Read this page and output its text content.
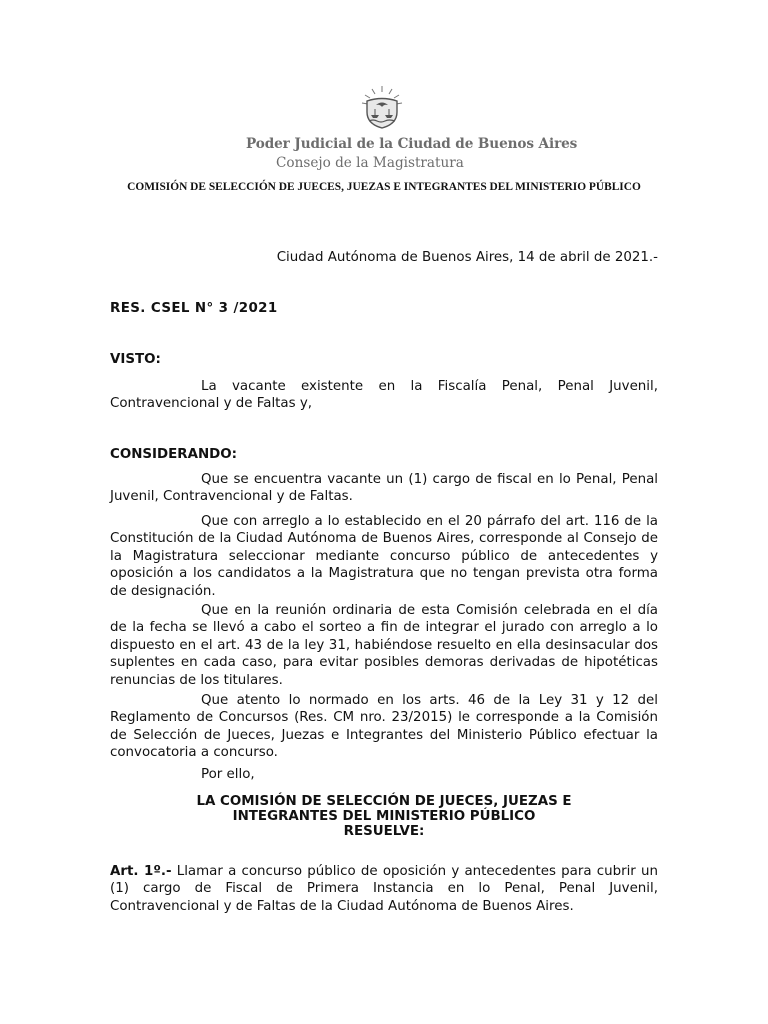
Poder Judicial de la Ciudad de Buenos Aires
Consejo de la Magistratura
COMISIÓN DE SELECCIÓN DE JUECES, JUEZAS E INTEGRANTES DEL MINISTERIO PÚBLICO
Ciudad Autónoma de Buenos Aires, 14 de abril de 2021.-
RES. CSEL N° 3 /2021
VISTO:

La vacante existente en la Fiscalía Penal, Penal Juvenil, Contravencional y de Faltas y,

CONSIDERANDO:

Que se encuentra vacante un (1) cargo de fiscal en lo Penal, Penal Juvenil, Contravencional y de Faltas.

Que con arreglo a lo establecido en el 20 párrafo del art. 116 de la Constitución de la Ciudad Autónoma de Buenos Aires, corresponde al Consejo de la Magistratura seleccionar mediante concurso público de antecedentes y oposición a los candidatos a la Magistratura que no tengan prevista otra forma de designación.

Que en la reunión ordinaria de esta Comisión celebrada en el día de la fecha se llevó a cabo el sorteo a fin de integrar el jurado con arreglo a lo dispuesto en el art. 43 de la ley 31, habiéndose resuelto en ella desinsacular dos suplentes en cada caso, para evitar posibles demoras derivadas de hipotéticas renuncias de los titulares.

Que atento lo normado en los arts. 46 de la Ley 31 y 12 del Reglamento de Concursos (Res. CM nro. 23/2015) le corresponde a la Comisión de Selección de Jueces, Juezas e Integrantes del Ministerio Público efectuar la convocatoria a concurso.

Por ello,
LA COMISIÓN DE SELECCIÓN DE JUECES, JUEZAS E
INTEGRANTES DEL MINISTERIO PÚBLICO
RESUELVE:

Art. 1º.- Llamar a concurso público de oposición y antecedentes para cubrir un (1) cargo de Fiscal de Primera Instancia en lo Penal, Penal Juvenil, Contravencional y de Faltas de la Ciudad Autónoma de Buenos Aires.
